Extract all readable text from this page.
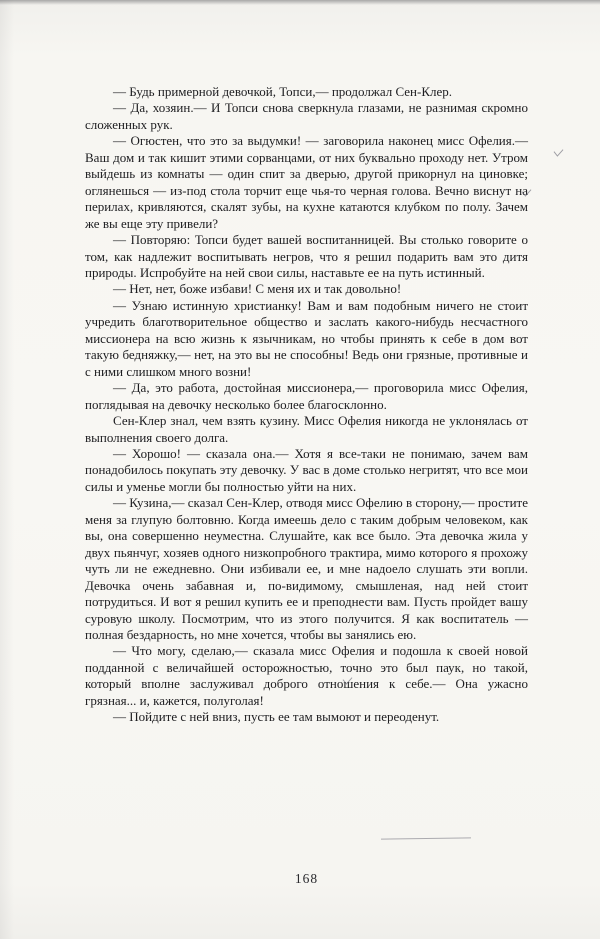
— Будь примерной девочкой, Топси,— продолжал Сен-Клер.

— Да, хозяин.— И Топси снова сверкнула глазами, не разнимая скромно сложенных рук.

— Огюстен, что это за выдумки! — заговорила наконец мисс Офелия.— Ваш дом и так кишит этими сорванцами, от них буквально проходу нет. Утром выйдешь из комнаты — один спит за дверью, другой прикорнул на циновке; оглянешься — из-под стола торчит еще чья-то черная голова. Вечно виснут на перилах, кривляются, скалят зубы, на кухне катаются клубком по полу. Зачем же вы еще эту привели?

— Повторяю: Топси будет вашей воспитанницей. Вы столько говорите о том, как надлежит воспитывать негров, что я решил подарить вам это дитя природы. Испробуйте на ней свои силы, наставьте ее на путь истинный.

— Нет, нет, боже избави! С меня их и так довольно!

— Узнаю истинную христианку! Вам и вам подобным ничего не стоит учредить благотворительное общество и заслать какого-нибудь несчастного миссионера на всю жизнь к язычникам, но чтобы принять к себе в дом вот такую бедняжку,— нет, на это вы не способны! Ведь они грязные, противные и с ними слишком много возни!

— Да, это работа, достойная миссионера,— проговорила мисс Офелия, поглядывая на девочку несколько более благосклонно.

Сен-Клер знал, чем взять кузину. Мисс Офелия никогда не уклонялась от выполнения своего долга.

— Хорошо! — сказала она.— Хотя я все-таки не понимаю, зачем вам понадобилось покупать эту девочку. У вас в доме столько негритят, что все мои силы и уменье могли бы полностью уйти на них.

— Кузина,— сказал Сен-Клер, отводя мисс Офелию в сторону,— простите меня за глупую болтовню. Когда имеешь дело с таким добрым человеком, как вы, она совершенно неуместна. Слушайте, как все было. Эта девочка жила у двух пьянчуг, хозяев одного низкопробного трактира, мимо которого я прохожу чуть ли не ежедневно. Они избивали ее, и мне надоело слушать эти вопли. Девочка очень забавная и, по-видимому, смышленая, над ней стоит потрудиться. И вот я решил купить ее и преподнести вам. Пусть пройдет вашу суровую школу. Посмотрим, что из этого получится. Я как воспитатель — полная бездарность, но мне хочется, чтобы вы занялись ею.

— Что могу, сделаю,— сказала мисс Офелия и подошла к своей новой подданной с величайшей осторожностью, точно это был паук, но такой, который вполне заслуживал доброго отношения к себе.— Она ужасно грязная... и, кажется, полуголая!

— Пойдите с ней вниз, пусть ее там вымоют и переоденут.

168
